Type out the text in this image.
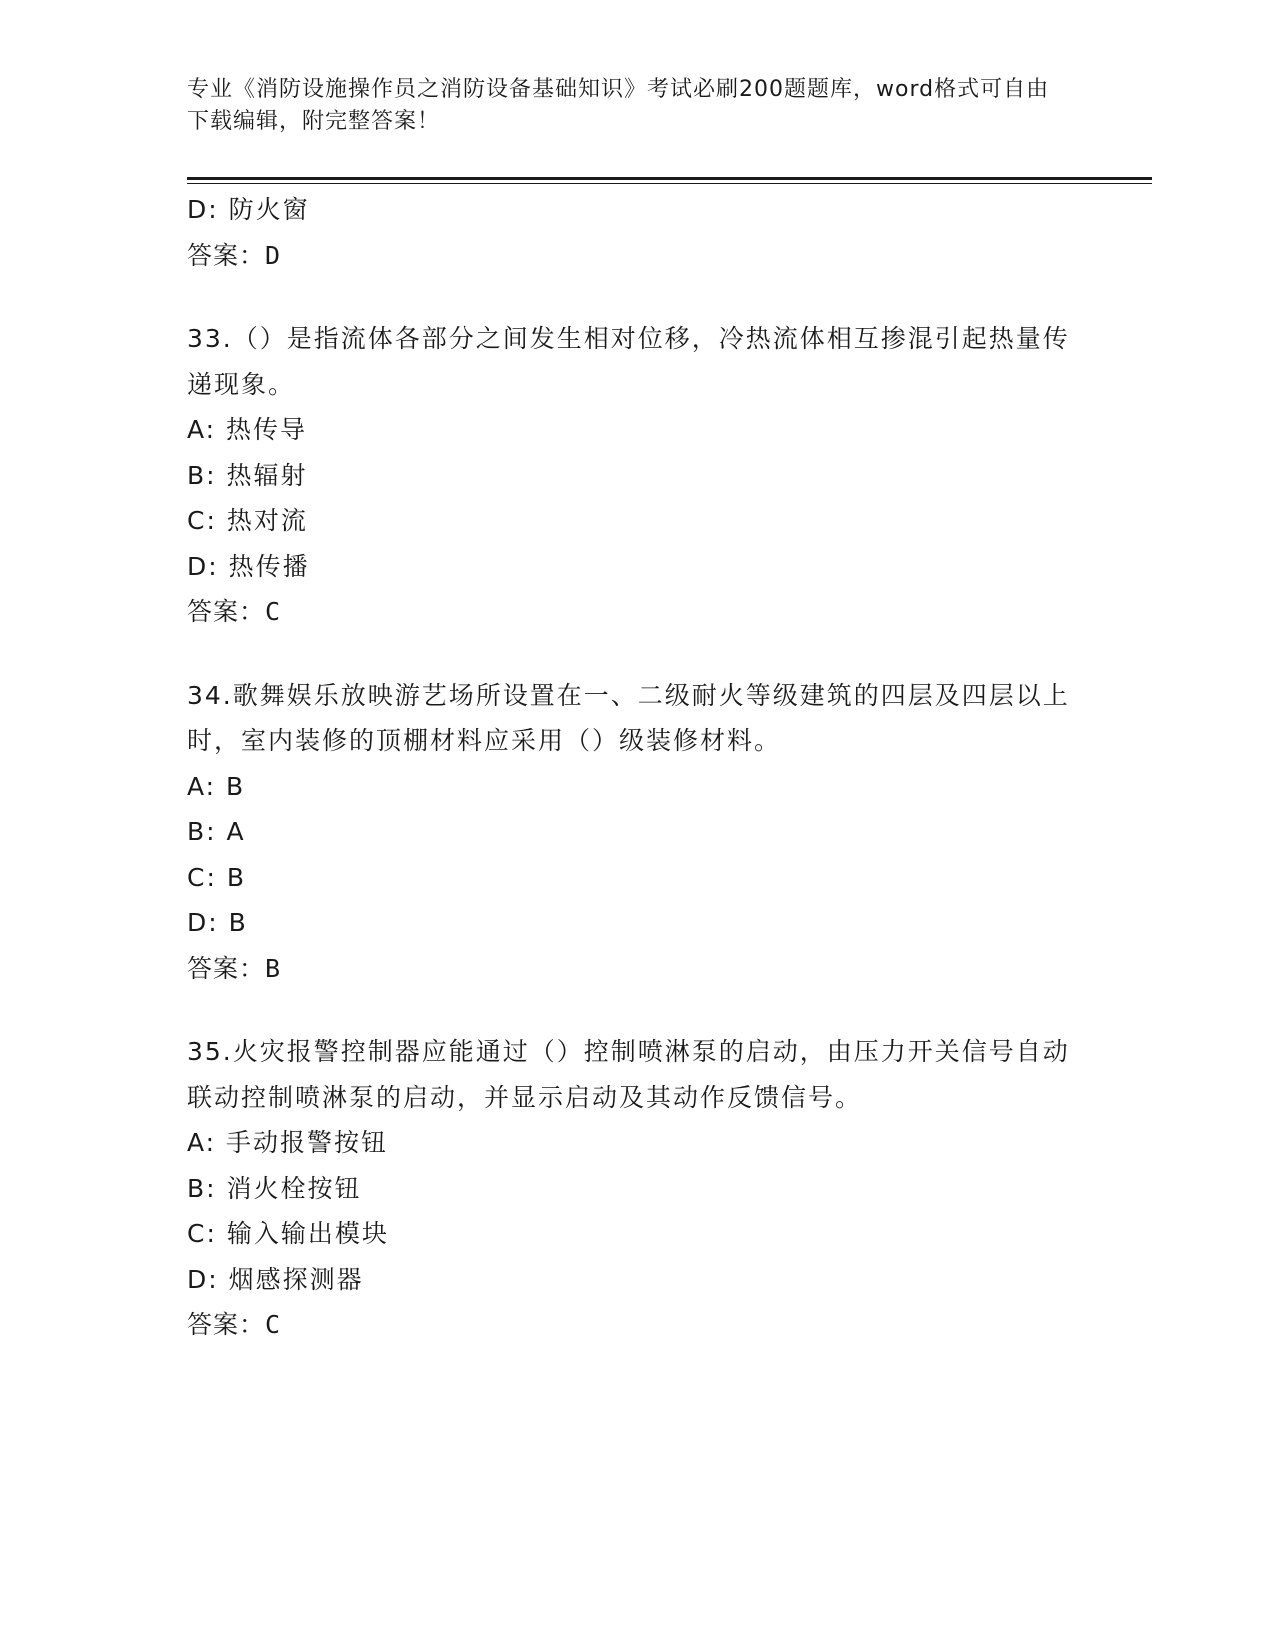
专业《消防设施操作员之消防设备基础知识》考试必刷200题题库，word格式可自由下载编辑，附完整答案！
D: 防火窗
答案：D
33.（）是指流体各部分之间发生相对位移，冷热流体相互掺混引起热量传递现象。
A: 热传导
B: 热辐射
C: 热对流
D: 热传播
答案：C
34.歌舞娱乐放映游艺场所设置在一、二级耐火等级建筑的四层及四层以上时，室内装修的顶棚材料应采用（）级装修材料。
A: B
B: A
C: B
D: B
答案：B
35.火灾报警控制器应能通过（）控制喷淋泵的启动，由压力开关信号自动联动控制喷淋泵的启动，并显示启动及其动作反馈信号。
A: 手动报警按钮
B: 消火栓按钮
C: 输入输出模块
D: 烟感探测器
答案：C
